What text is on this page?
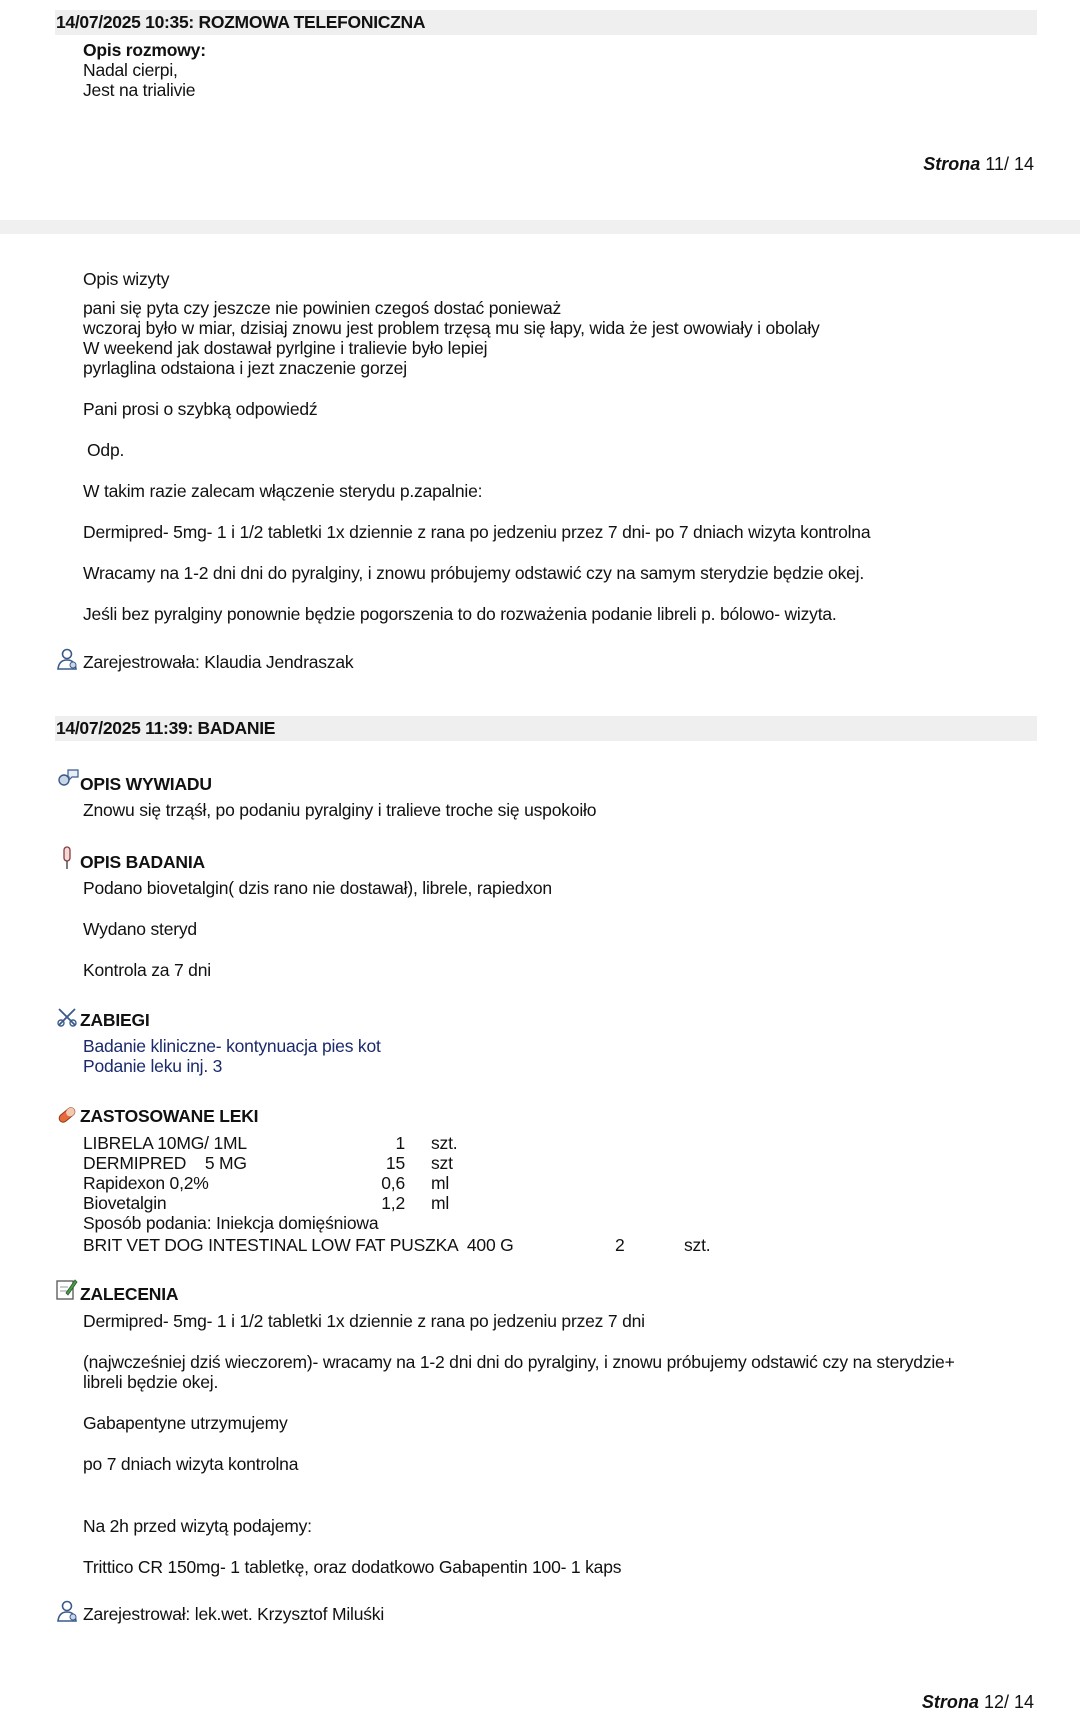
14/07/2025 10:35: ROZMOWA TELEFONICZNA
Opis rozmowy:
Nadal cierpi,
Jest na trialivie
Strona 11/ 14
Opis wizyty
pani się pyta czy jeszcze nie powinien czegoś dostać ponieważ
wczoraj było w miar, dzisiaj znowu jest problem trzęsą mu się łapy, wida że jest owowiały i obolały
W weekend jak dostawał pyrlgine i tralievie było lepiej
pyrlaglina odstaiona i jezt znaczenie gorzej
Pani prosi o szybką odpowiedź
Odp.
W takim razie zalecam włączenie sterydu p.zapalnie:
Dermipred- 5mg- 1 i 1/2 tabletki 1x dziennie z rana po jedzeniu przez 7 dni- po 7 dniach wizyta kontrolna
Wracamy na 1-2 dni dni do pyralginy, i znowu próbujemy odstawić czy na samym sterydzie będzie okej.
Jeśli bez pyralginy ponownie będzie pogorszenia to do rozważenia podanie libreli p. bólowo- wizyta.
Zarejestrowała: Klaudia Jendraszak
14/07/2025 11:39: BADANIE
OPIS WYWIADU
Znowu się trząśł, po podaniu pyralginy i tralieve troche się uspokoiło
OPIS BADANIA
Podano biovetalgin( dzis rano nie dostawał), librele, rapiedxon
Wydano steryd
Kontrola za 7 dni
ZABIEGI
Badanie kliniczne- kontynuacja pies kot
Podanie leku inj. 3
ZASTOSOWANE LEKI
LIBRELA 10MG/ 1ML	1 szt.
DERMIPRED    5 MG	15 szt
Rapidexon 0,2%	0,6 ml
Biovetalgin	1,2 ml
Sposób podania: Iniekcja domięśniowa
BRIT VET DOG INTESTINAL LOW FAT PUSZKA  400 G	2	szt.
ZALECENIA
Dermipred- 5mg- 1 i 1/2 tabletki 1x dziennie z rana po jedzeniu przez 7 dni
(najwcześniej dziś wieczorem)- wracamy na 1-2 dni dni do pyralginy, i znowu próbujemy odstawić czy na sterydzie+
libreli będzie okej.
Gabapentyne utrzymujemy
po 7 dniach wizyta kontrolna
Na 2h przed wizytą podajemy:
Trittico CR 150mg- 1 tabletkę, oraz dodatkowo Gabapentin 100- 1 kaps
Zarejestrował: lek.wet. Krzysztof Miluśki
Strona 12/ 14
